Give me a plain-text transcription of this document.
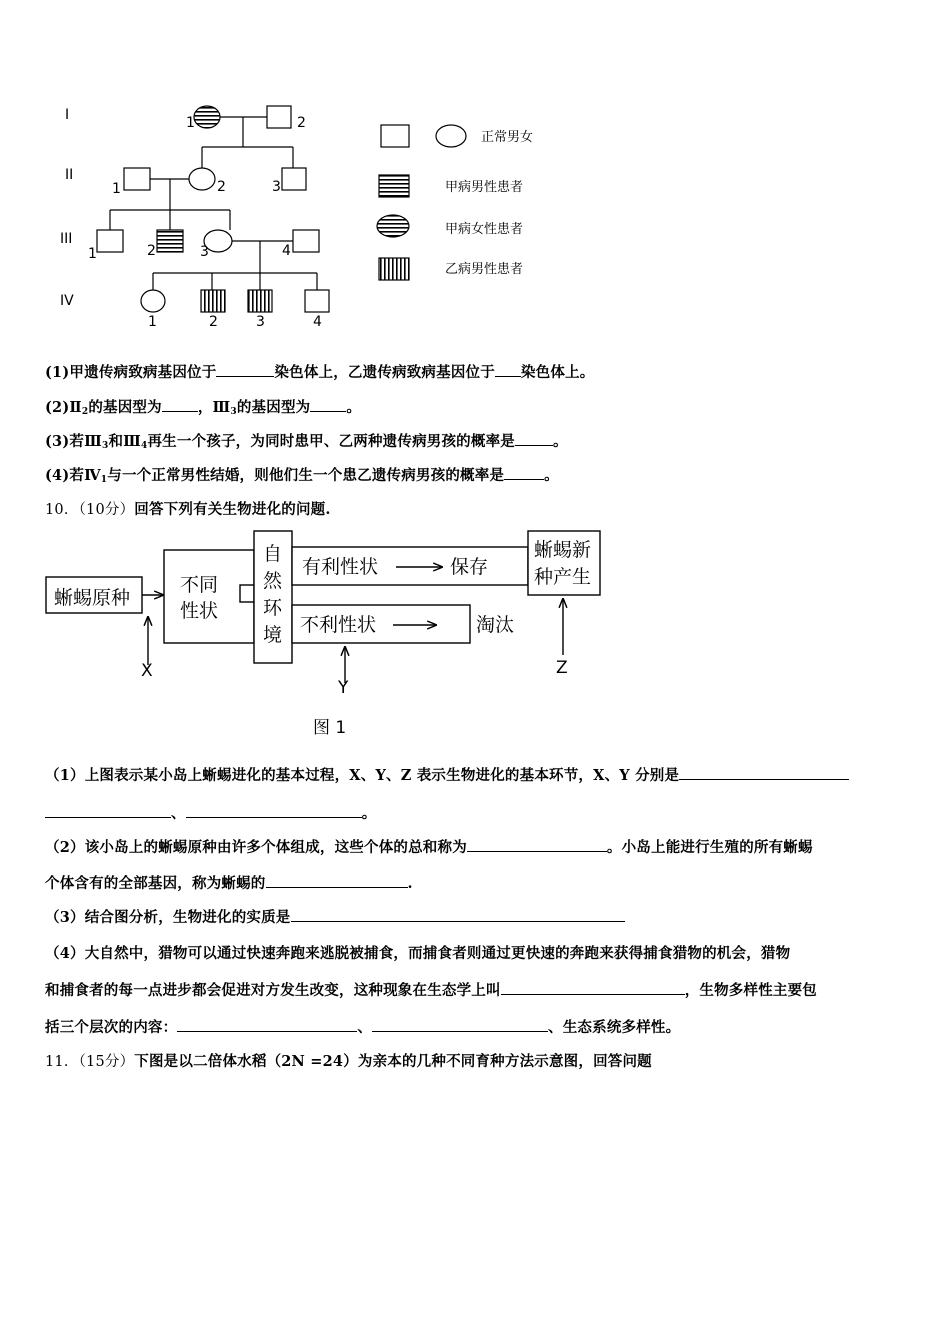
I
II
III
IV
1	2
1	2	3
1	2	3	4
1	2	3	4
正常男女
甲病男性患者
甲病女性患者
乙病男性患者
(1)甲遗传病致病基因位于	染色体上，乙遗传病致病基因位于 染色体上。
$(2)Ⅱ_2$的基因型为 ，$Ⅲ_3$的基因型为 。
(3)若$Ⅲ_3$和$Ⅲ_4$再生一个孩子，为同时患甲、乙两种遗传病男孩的概率是	。
(4)若$Ⅳ_1$与一个正常男性结婚，则他们生一个患乙遗传病男孩的概率是	。
10．（10分）回答下列有关生物进化的问题.
蜥蜴原种
X
不同
性状
自
然
环
境
有利性状	保存
蜥蜴新
种产生
Z
不利性状	淘汰
Y
图 1
（1）上图表示某小岛上蜥蜴进化的基本过程，X、Y、Z 表示生物进化的基本环节，X、Y 分别是
、	。
（2）该小岛上的蜥蜴原种由许多个体组成，这些个体的总和称为	。小岛上能进行生殖的所有蜥蜴
个体含有的全部基因，称为蜥蜴的	.
（3）结合图分析，生物进化的实质是
（4）大自然中，猎物可以通过快速奔跑来逃脱被捕食，而捕食者则通过更快速的奔跑来获得捕食猎物的机会，猎物
和捕食者的每一点进步都会促进对方发生改变，这种现象在生态学上叫	，生物多样性主要包
括三个层次的内容：	、	、生态系统多样性。
11．（15分）下图是以二倍体水稻（2N =24）为亲本的几种不同育种方法示意图，回答问题
